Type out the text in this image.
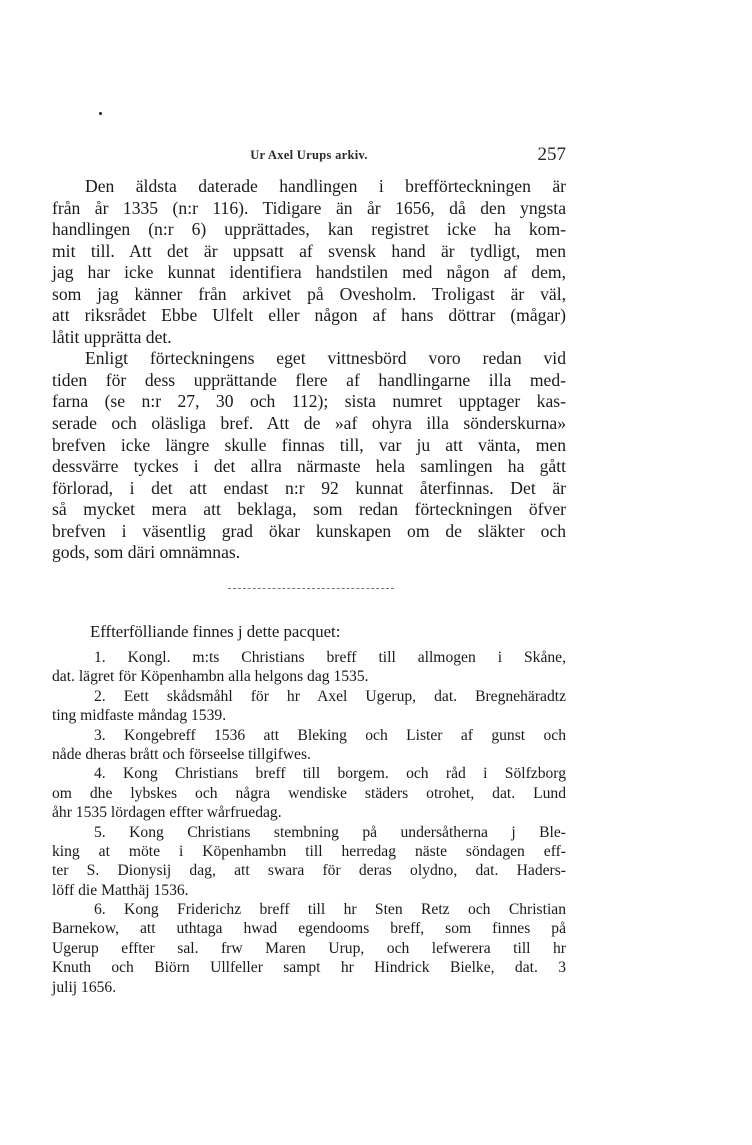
Ur Axel Urups arkiv.	257
Den äldsta daterade handlingen i brefförteckningen är
från år 1335 (n:r 116). Tidigare än år 1656, då den yngsta
handlingen (n:r 6) upprättades, kan registret icke ha kom-
mit till. Att det är uppsatt af svensk hand är tydligt, men
jag har icke kunnat identifiera handstilen med någon af dem,
som jag känner från arkivet på Ovesholm. Troligast är väl,
att riksrådet Ebbe Ulfelt eller någon af hans döttrar (mågar)
låtit upprätta det.
Enligt förteckningens eget vittnesbörd voro redan vid
tiden för dess upprättande flere af handlingarne illa med-
farna (se n:r 27, 30 och 112); sista numret upptager kas-
serade och oläsliga bref. Att de »af ohyra illa sönderskurna»
brefven icke längre skulle finnas till, var ju att vänta, men
dessvärre tyckes i det allra närmaste hela samlingen ha gått
förlorad, i det att endast n:r 92 kunnat återfinnas. Det är
så mycket mera att beklaga, som redan förteckningen öfver
brefven i väsentlig grad ökar kunskapen om de släkter och
gods, som däri omnämnas.
Effterfölliande finnes j dette pacquet:
1. Kongl. m:ts Christians breff till allmogen i Skåne,
dat. lägret för Köpenhambn alla helgons dag 1535.
2. Eett skådsmåhl för hr Axel Ugerup, dat. Bregnehäradtz
ting midfaste måndag 1539.
3. Kongebreff 1536 att Bleking och Lister af gunst och
nåde dheras brått och förseelse tillgifwes.
4. Kong Christians breff till borgem. och råd i Sölfzborg
om dhe lybskes och några wendiske städers otrohet, dat. Lund
åhr 1535 lördagen effter wårfruedag.
5. Kong Christians stembning på undersåtherna j Ble-
king at möte i Köpenhambn till herredag näste söndagen eff-
ter S. Dionysij dag, att swara för deras olydno, dat. Haders-
löff die Matthäj 1536.
6. Kong Friderichz breff till hr Sten Retz och Christian
Barnekow, att uthtaga hwad egendooms breff, som finnes på
Ugerup effter sal. frw Maren Urup, och lefwerera till hr
Knuth och Biörn Ullfeller sampt hr Hindrick Bielke, dat. 3
julij 1656.
